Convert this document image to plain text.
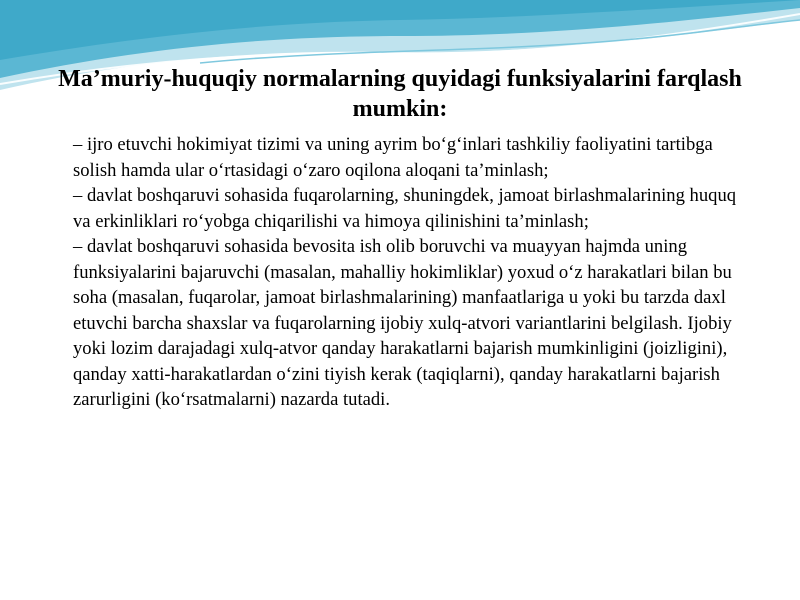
Ma’muriy-huquqiy normalarning quyidagi funksiyalarini farqlash mumkin:

– ijro etuvchi hokimiyat tizimi va uning ayrim bo‘g‘inlari tashkiliy faoliyatini tartibga solish hamda ular o‘rtasidagi o‘zaro oqilona aloqani ta’minlash;

– davlat boshqaruvi sohasida fuqarolarning, shuningdek, jamoat birlashmalarining huquq va erkinliklari ro‘yobga chiqarilishi va himoya qilinishini ta’minlash;

– davlat boshqaruvi sohasida bevosita ish olib boruvchi va muayyan hajmda uning funksiyalarini bajaruvchi (masalan, mahalliy hokimliklar) yoxud o‘z harakatlari bilan bu soha (masalan, fuqarolar, jamoat birlashmalarining) manfaatlariga u yoki bu tarzda daxl etuvchi barcha shaxslar va fuqarolarning ijobiy xulq-atvori variantlarini belgilash. Ijobiy yoki lozim darajadagi xulq-atvor qanday harakatlarni bajarish mumkinligini (joizligini), qanday xatti-harakatlardan o‘zini tiyish kerak (taqiqlarni), qanday harakatlarni bajarish zarurligini (ko‘rsatmalarni) nazarda tutadi.
